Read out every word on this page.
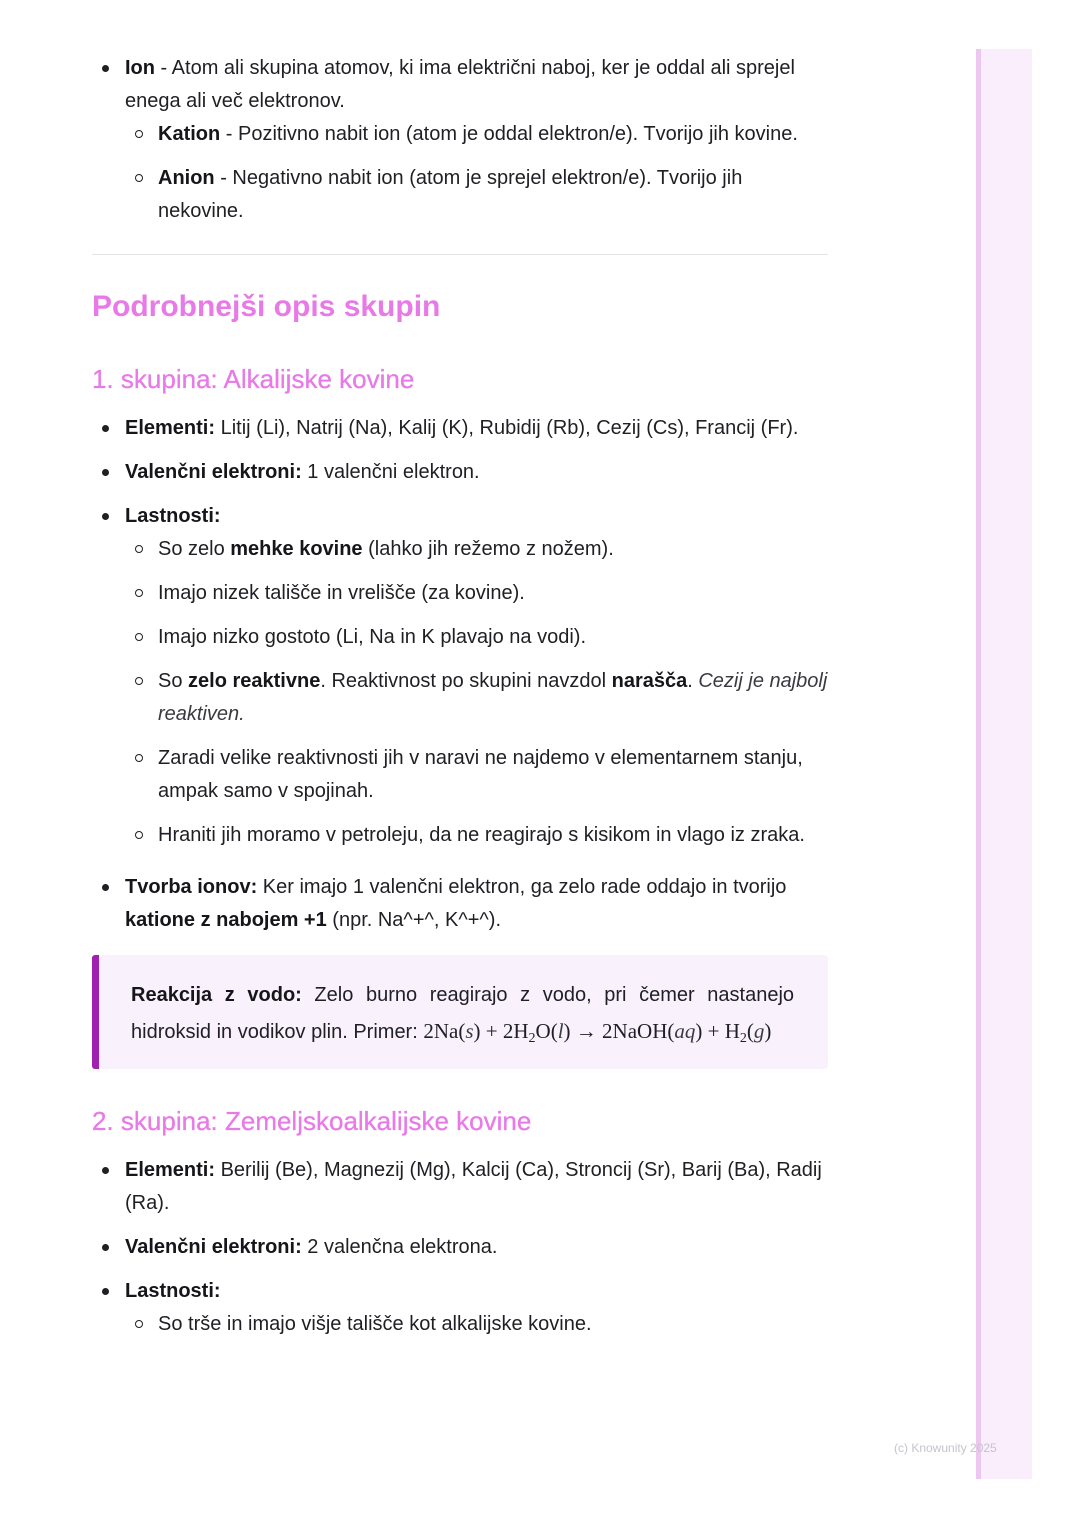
(c) Knowunity 2025
Ion - Atom ali skupina atomov, ki ima električni naboj, ker je oddal ali sprejel enega ali več elektronov.
Kation - Pozitivno nabit ion (atom je oddal elektron/e). Tvorijo jih kovine.
Anion - Negativno nabit ion (atom je sprejel elektron/e). Tvorijo jih nekovine.
Podrobnejši opis skupin
1. skupina: Alkalijske kovine
Elementi: Litij (Li), Natrij (Na), Kalij (K), Rubidij (Rb), Cezij (Cs), Francij (Fr).
Valenčni elektroni: 1 valenčni elektron.
Lastnosti:
So zelo mehke kovine (lahko jih režemo z nožem).
Imajo nizek tališče in vrelišče (za kovine).
Imajo nizko gostoto (Li, Na in K plavajo na vodi).
So zelo reaktivne. Reaktivnost po skupini navzdol narašča. Cezij je najbolj reaktiven.
Zaradi velike reaktivnosti jih v naravi ne najdemo v elementarnem stanju, ampak samo v spojinah.
Hraniti jih moramo v petroleju, da ne reagirajo s kisikom in vlago iz zraka.
Tvorba ionov: Ker imajo 1 valenčni elektron, ga zelo rade oddajo in tvorijo katione z nabojem +1 (npr. Na^+^, K^+^).
Reakcija z vodo: Zelo burno reagirajo z vodo, pri čemer nastanejo hidroksid in vodikov plin. Primer: $2Na(s) + 2H_2O(l)$ → 2NaOH(aq) + $H_2(g)$
2. skupina: Zemeljskoalkalijske kovine
Elementi: Berilij (Be), Magnezij (Mg), Kalcij (Ca), Stroncij (Sr), Barij (Ba), Radij (Ra).
Valenčni elektroni: 2 valenčna elektrona.
Lastnosti:
So trše in imajo višje tališče kot alkalijske kovine.
